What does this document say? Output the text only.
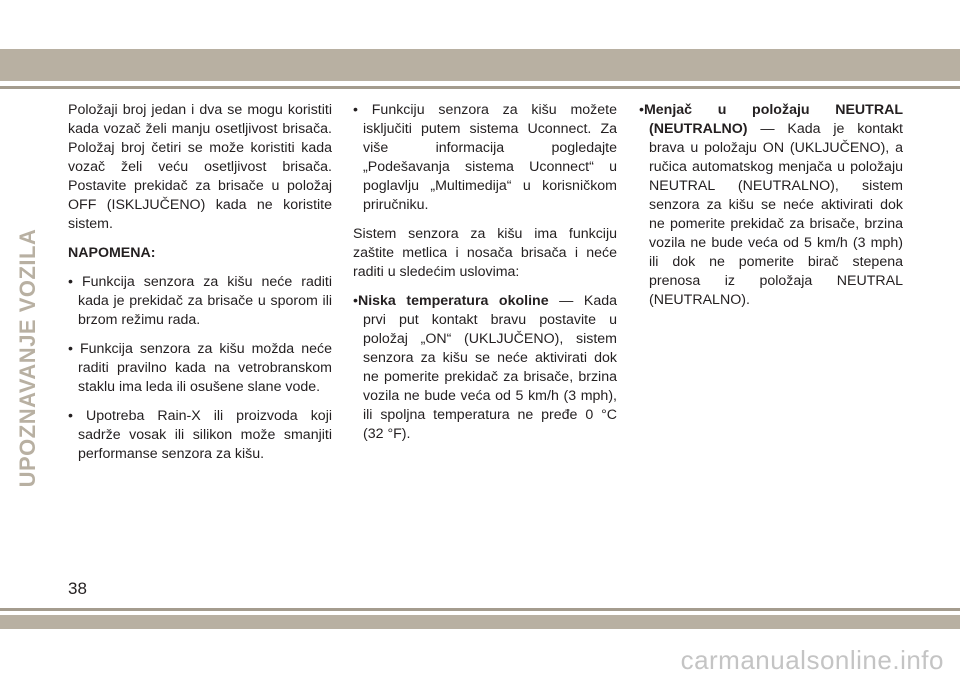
UPOZNAVANJE VOZILA

Položaji broj jedan i dva se mogu koristiti kada vozač želi manju osetljivost brisača. Položaj broj četiri se može koristiti kada vozač želi veću osetljivost brisača. Postavite prekidač za brisače u položaj OFF (ISKLJUČENO) kada ne koristite sistem.

NAPOMENA:
• Funkcija senzora za kišu neće raditi kada je prekidač za brisače u sporom ili brzom režimu rada.
• Funkcija senzora za kišu možda neće raditi pravilno kada na vetrobranskom staklu ima leda ili osušene slane vode.
• Upotreba Rain-X ili proizvoda koji sadrže vosak ili silikon može smanjiti performanse senzora za kišu.
• Funkciju senzora za kišu možete isključiti putem sistema Uconnect. Za više informacija pogledajte „Podešavanja sistema Uconnect“ u poglavlju „Multimedija“ u korisničkom priručniku.

Sistem senzora za kišu ima funkciju zaštite metlica i nosača brisača i neće raditi u sledećim uslovima:

•Niska temperatura okoline — Kada prvi put kontakt bravu postavite u položaj „ON“ (UKLJUČENO), sistem senzora za kišu se neće aktivirati dok ne pomerite prekidač za brisače, brzina vozila ne bude veća od 5 km/h (3 mph), ili spoljna temperatura ne pređe 0 °C (32 °F).
•Menjač u položaju NEUTRAL (NEUTRALNO) — Kada je kontakt brava u položaju ON (UKLJUČENO), a ručica automatskog menjača u položaju NEUTRAL (NEUTRALNO), sistem senzora za kišu se neće aktivirati dok ne pomerite prekidač za brisače, brzina vozila ne bude veća od 5 km/h (3 mph) ili dok ne pomerite birač stepena prenosa iz položaja NEUTRAL (NEUTRALNO).
38
carmanualsonline.info
